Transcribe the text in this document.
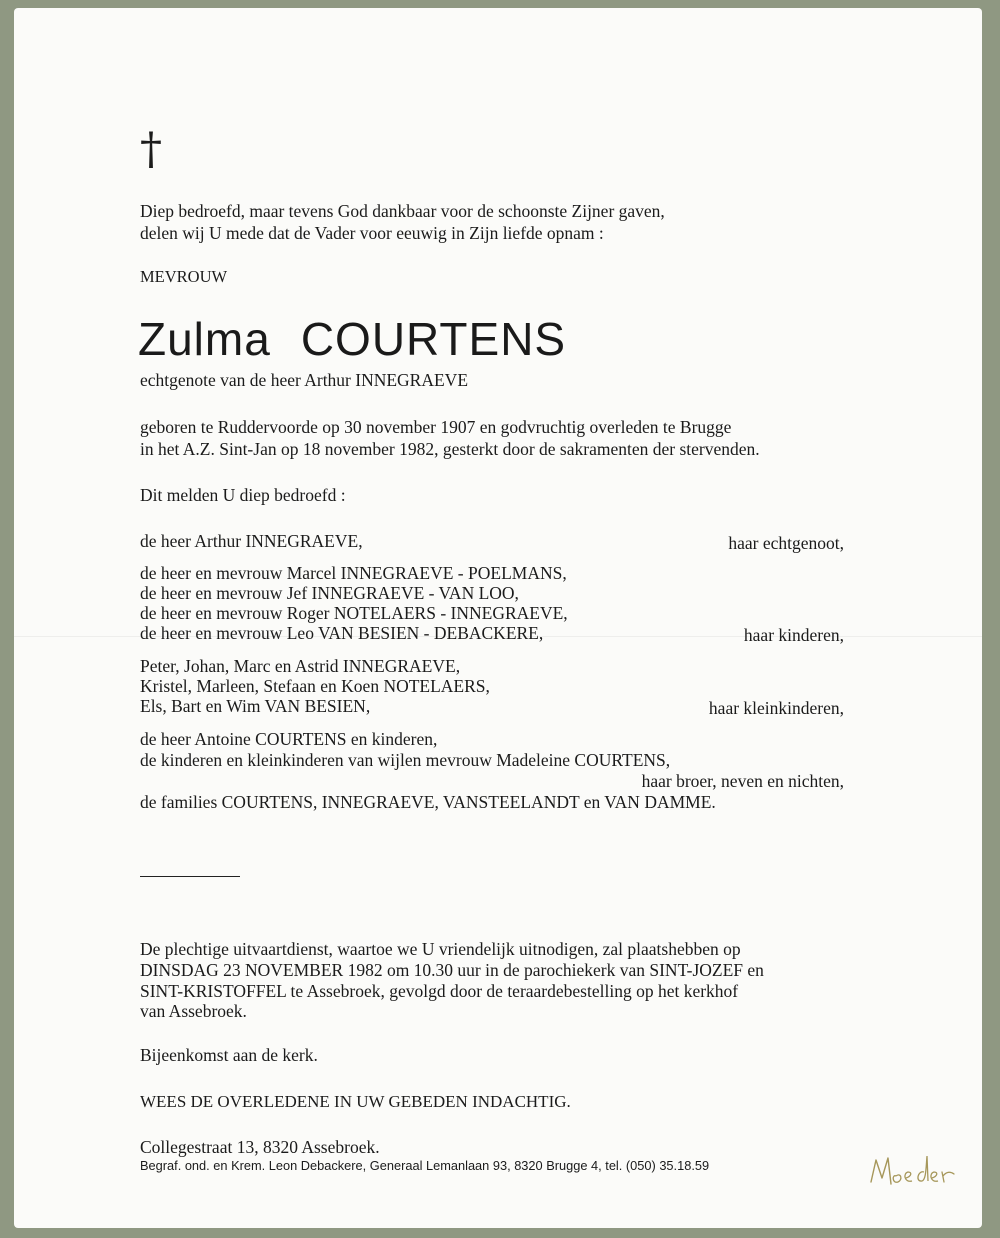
†
Diep bedroefd, maar tevens God dankbaar voor de schoonste Zijner gaven,
delen wij U mede dat de Vader voor eeuwig in Zijn liefde opnam :
MEVROUW
Zulma COURTENS
echtgenote van de heer Arthur INNEGRAEVE
geboren te Ruddervoorde op 30 november 1907 en godvruchtig overleden te Brugge
in het A.Z. Sint-Jan op 18 november 1982, gesterkt door de sakramenten der stervenden.
Dit melden U diep bedroefd :
de heer Arthur INNEGRAEVE,	haar echtgenoot,
de heer en mevrouw Marcel INNEGRAEVE - POELMANS,
de heer en mevrouw Jef INNEGRAEVE - VAN LOO,
de heer en mevrouw Roger NOTELAERS - INNEGRAEVE,
de heer en mevrouw Leo VAN BESIEN - DEBACKERE,	haar kinderen,
Peter, Johan, Marc en Astrid INNEGRAEVE,
Kristel, Marleen, Stefaan en Koen NOTELAERS,
Els, Bart en Wim VAN BESIEN,	haar kleinkinderen,
de heer Antoine COURTENS en kinderen,
de kinderen en kleinkinderen van wijlen mevrouw Madeleine COURTENS,
haar broer, neven en nichten,
de families COURTENS, INNEGRAEVE, VANSTEELANDT en VAN DAMME.
De plechtige uitvaartdienst, waartoe we U vriendelijk uitnodigen, zal plaatshebben op
DINSDAG 23 NOVEMBER 1982 om 10.30 uur in de parochiekerk van SINT-JOZEF en
SINT-KRISTOFFEL te Assebroek, gevolgd door de teraardebestelling op het kerkhof
van Assebroek.
Bijeenkomst aan de kerk.
WEES DE OVERLEDENE IN UW GEBEDEN INDACHTIG.
Collegestraat 13, 8320 Assebroek.
Begraf. ond. en Krem. Leon Debackere, Generaal Lemanlaan 93, 8320 Brugge 4, tel. (050) 35.18.59
